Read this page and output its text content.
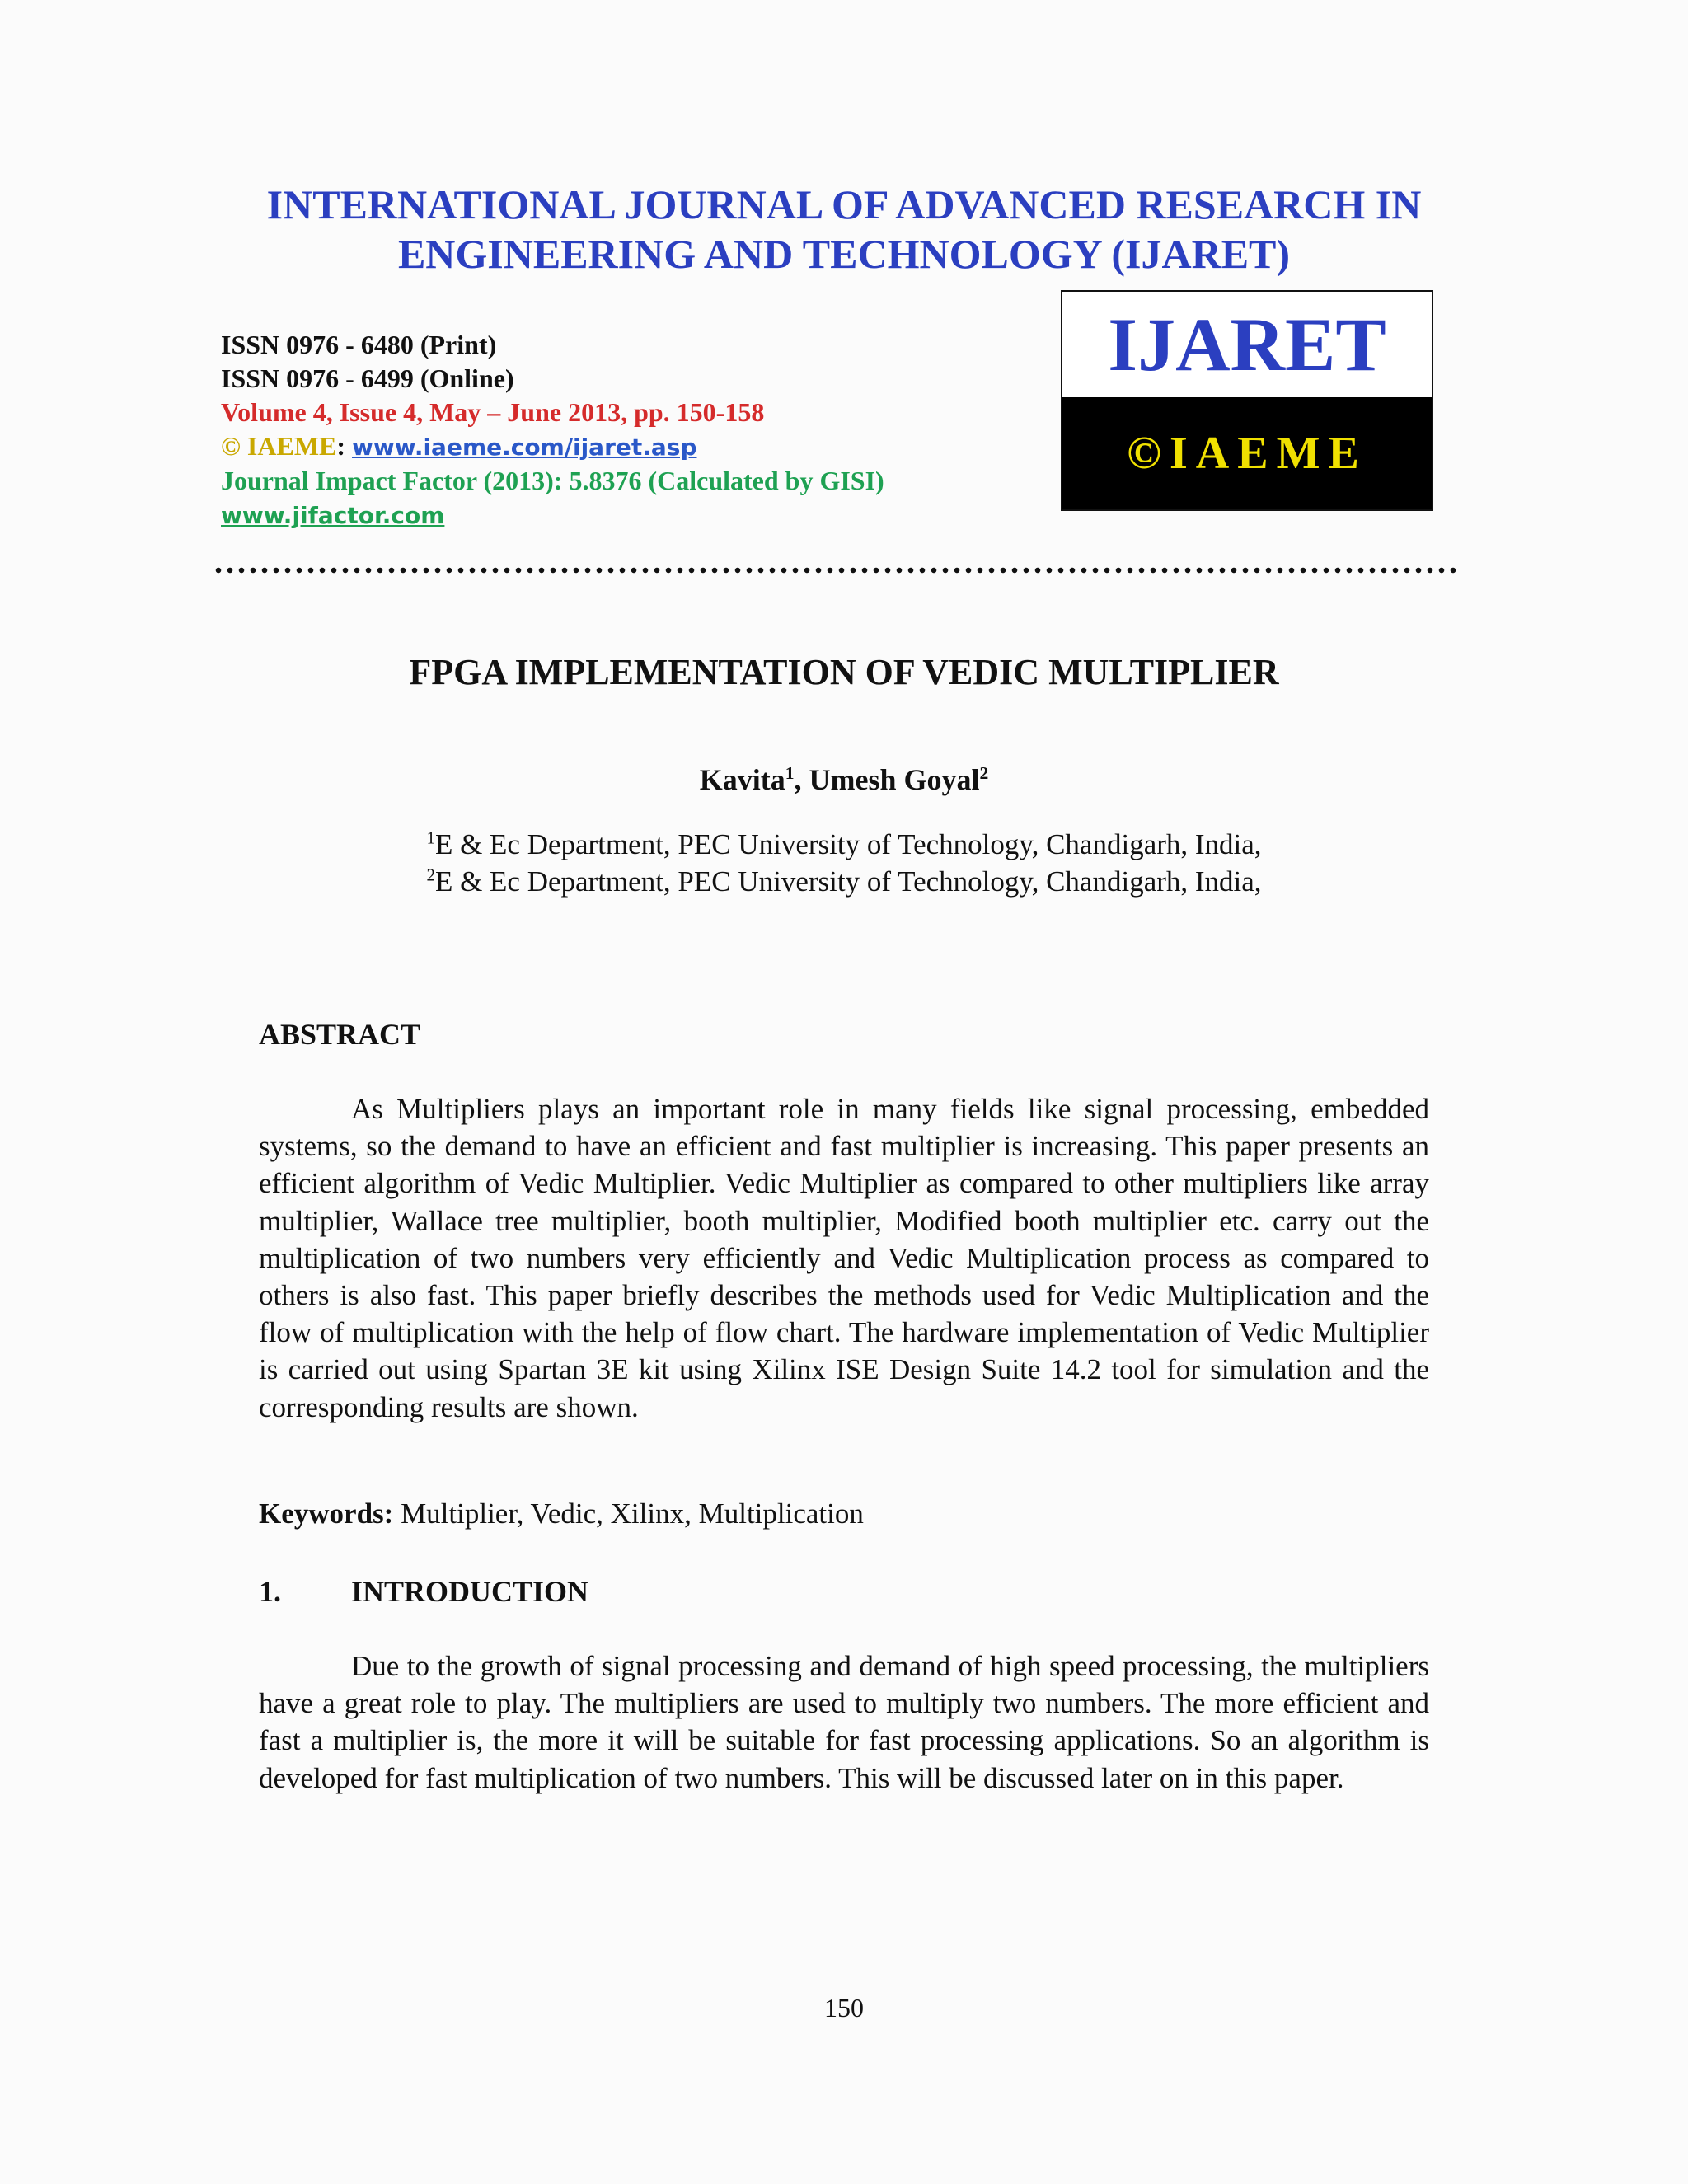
INTERNATIONAL JOURNAL OF ADVANCED RESEARCH IN
ENGINEERING AND TECHNOLOGY (IJARET)
ISSN 0976 - 6480 (Print)
ISSN 0976 - 6499 (Online)
Volume 4, Issue 4, May – June 2013, pp. 150-158
© IAEME: www.iaeme.com/ijaret.asp
Journal Impact Factor (2013): 5.8376 (Calculated by GISI)
www.jifactor.com
IJARET
©IAEME
FPGA IMPLEMENTATION OF VEDIC MULTIPLIER
Kavita$^1$, Umesh Goyal$^2$
$^1$E & Ec Department, PEC University of Technology, Chandigarh, India,
$^2$E & Ec Department, PEC University of Technology, Chandigarh, India,
ABSTRACT

As Multipliers plays an important role in many fields like signal processing, embedded systems, so the demand to have an efficient and fast multiplier is increasing. This paper presents an efficient algorithm of Vedic Multiplier. Vedic Multiplier as compared to other multipliers like array multiplier, Wallace tree multiplier, booth multiplier, Modified booth multiplier etc. carry out the multiplication of two numbers very efficiently and Vedic Multiplication process as compared to others is also fast. This paper briefly describes the methods used for Vedic Multiplication and the flow of multiplication with the help of flow chart. The hardware implementation of Vedic Multiplier is carried out using Spartan 3E kit using Xilinx ISE Design Suite 14.2 tool for simulation and the corresponding results are shown.

Keywords: Multiplier, Vedic, Xilinx, Multiplication
1. INTRODUCTION

Due to the growth of signal processing and demand of high speed processing, the multipliers have a great role to play. The multipliers are used to multiply two numbers. The more efficient and fast a multiplier is, the more it will be suitable for fast processing applications. So an algorithm is developed for fast multiplication of two numbers. This will be discussed later on in this paper.

150
